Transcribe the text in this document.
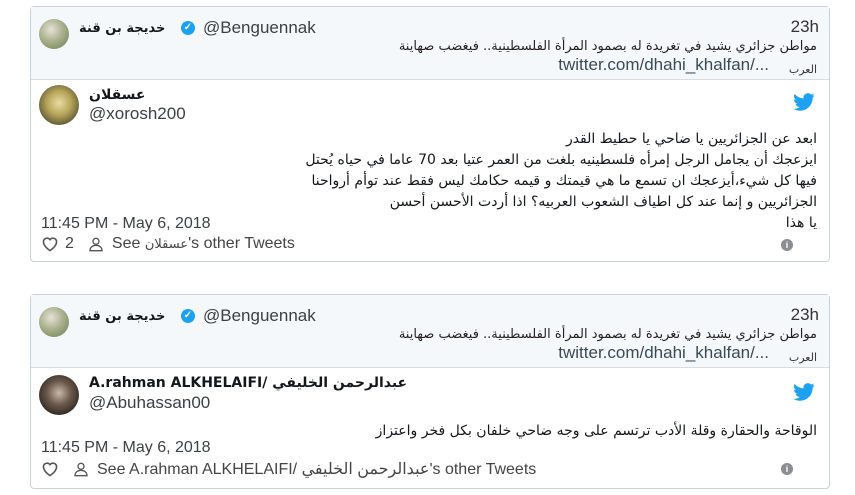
خديجة بن قنة ✓ @Benguennak	23h
مواطن جزائري يشيد في تغريدة له بصمود المرأة الفلسطينية.. فيغضب صهاينة
twitter.com/dhahi_khalfan/... العرب
عسقلان
@xorosh200
ابعد عن الجزائريين يا ضاحي يا حطيط القدر
ايزعجك أن يجامل الرجل إمرأه فلسطينيه بلغت من العمر عتيا بعد 70 عاما في حياه يُحتل
فيها كل شيء،أيزعجك ان تسمع ما هي قيمتك و قيمه حكامك ليس فقط عند توأم أرواحنا
الجزائريين و إنما عند كل اطياف الشعوب العربيه؟ اذا أردت الأحسن أحسن
يا هذا
11:45 PM - May 6, 2018
2 See عسقلان's other Tweets	i
خديجة بن قنة ✓ @Benguennak	23h
مواطن جزائري يشيد في تغريدة له بصمود المرأة الفلسطينية.. فيغضب صهاينة
twitter.com/dhahi_khalfan/... العرب
A.rahman ALKHELAIFI/ عبدالرحمن الخليفي
@Abuhassan00
الوقاحة والحقارة وقلة الأدب ترتسم على وجه ضاحي خلفان بكل فخر واعتزاز
11:45 PM - May 6, 2018
See A.rahman ALKHELAIFI/ عبدالرحمن الخليفي's other Tweets	i
